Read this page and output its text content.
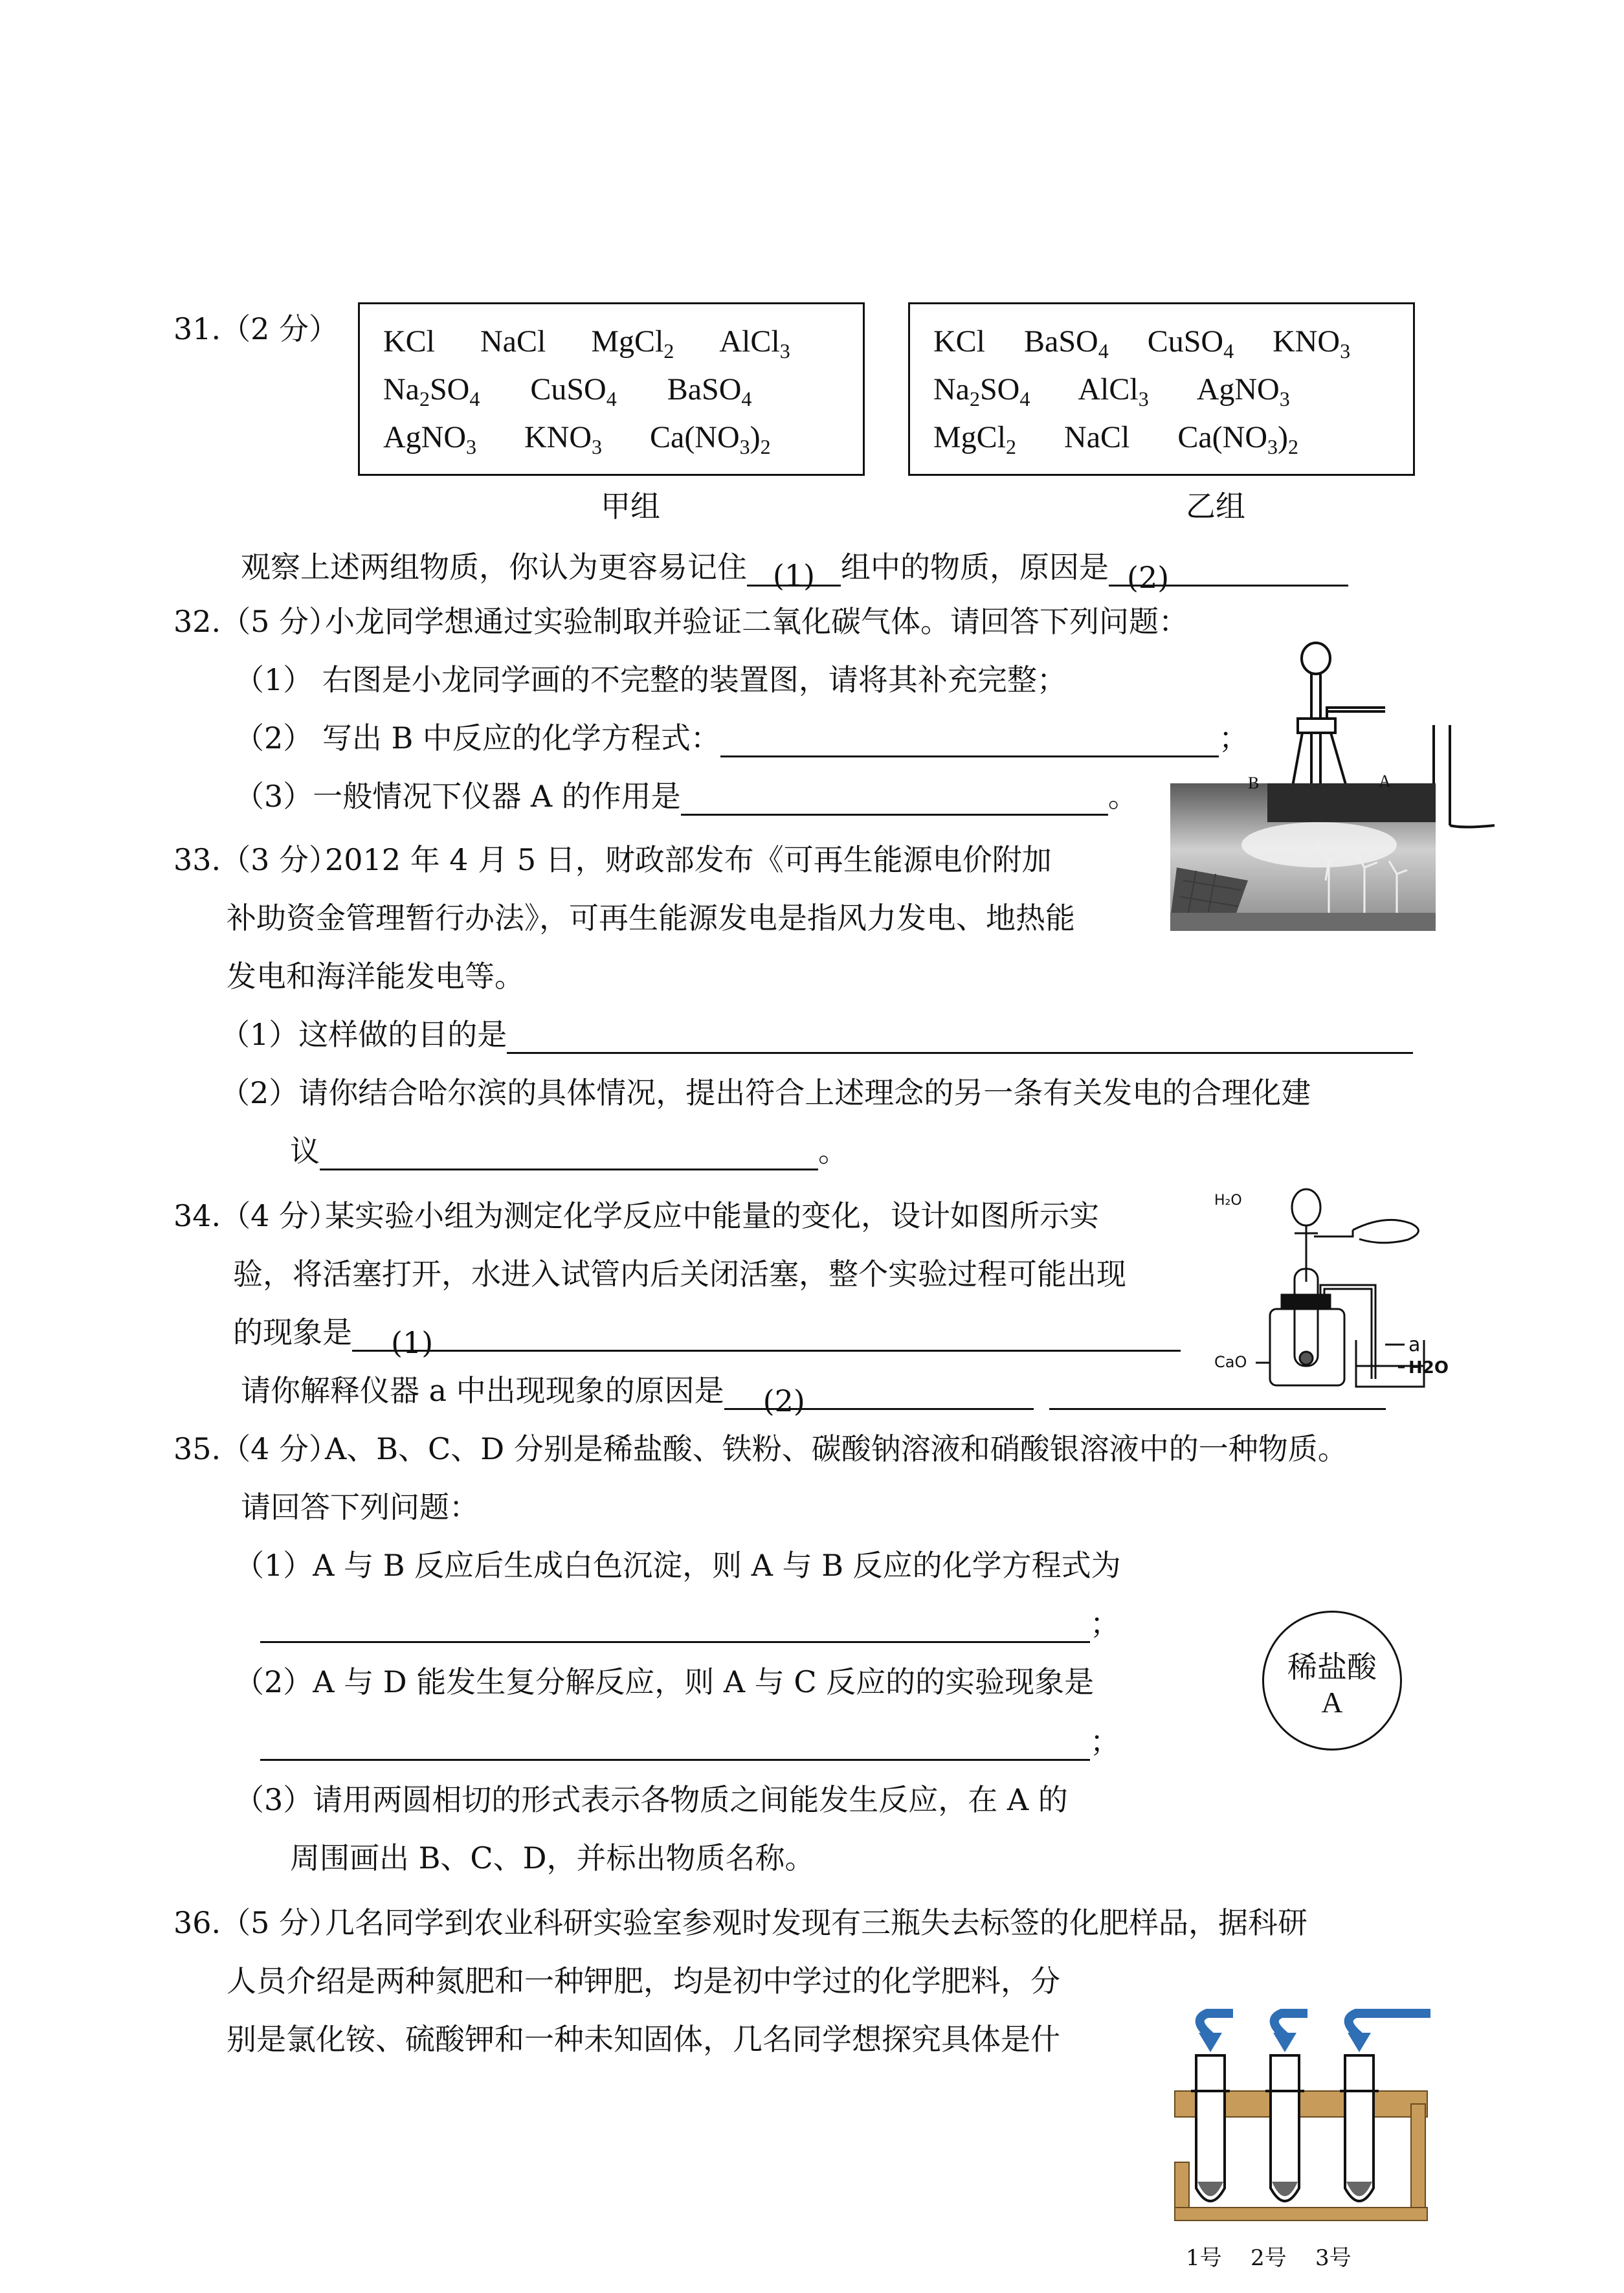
31.（2 分） KCl NaCl MgCl$_2$ AlCl$_3$
$Na_2SO_4$ CuSO$_4$ BaSO$_4$
AgNO$_3$ $KNO_3$ $Ca(NO_3)_2$
甲组
KCl BaSO$_4$ CuSO$_4$ $KNO_3$
$Na_2SO_4$ AlCl$_3$ AgNO$_3$
MgCl$_2$ NaCl $Ca(NO_3)_2$
乙组
观察上述两组物质，你认为更容易记住 (1) 组中的物质，原因是 (2)
32.（5 分）
小龙同学想通过实验制取并验证二氧化碳气体。请回答下列问题：
（1） 右图是小龙同学画的不完整的装置图，请将其补充完整；
（2） 写出 B 中反应的化学方程式：	；
（3）一般情况下仪器 A 的作用是	。	B	A
33.（3 分）
2012 年 4 月 5 日，财政部发布《可再生能源电价附加
补助资金管理暂行办法》，可再生能源发电是指风力发电、地热能
发电和海洋能发电等。
（1）这样做的目的是
（2）请你结合哈尔滨的具体情况，提出符合上述理念的另一条有关发电的合理化建
议	。
34.（4 分）
某实验小组为测定化学反应中能量的变化，设计如图所示实
验，将活塞打开，水进入试管内后关闭活塞，整个实验过程可能出现
的现象是 (1)
请你解释仪器 a 中出现现象的原因是 (2)
H₂O
a
CaO	H2O
35.（4 分）
A、B、C、D 分别是稀盐酸、铁粉、碳酸钠溶液和硝酸银溶液中的一种物质。
请回答下列问题：
（1）A 与 B 反应后生成白色沉淀，则 A 与 B 反应的化学方程式为
；
（2）A 与 D 能发生复分解反应，则 A 与 C 反应的的实验现象是
；
（3）请用两圆相切的形式表示各物质之间能发生反应，在 A 的
周围画出 B、C、D，并标出物质名称。
稀盐酸
A
36.（5 分）
几名同学到农业科研实验室参观时发现有三瓶失去标签的化肥样品，据科研
人员介绍是两种氮肥和一种钾肥，均是初中学过的化学肥料，分
别是氯化铵、硫酸钾和一种未知固体，几名同学想探究具体是什
1号 2号 3号
